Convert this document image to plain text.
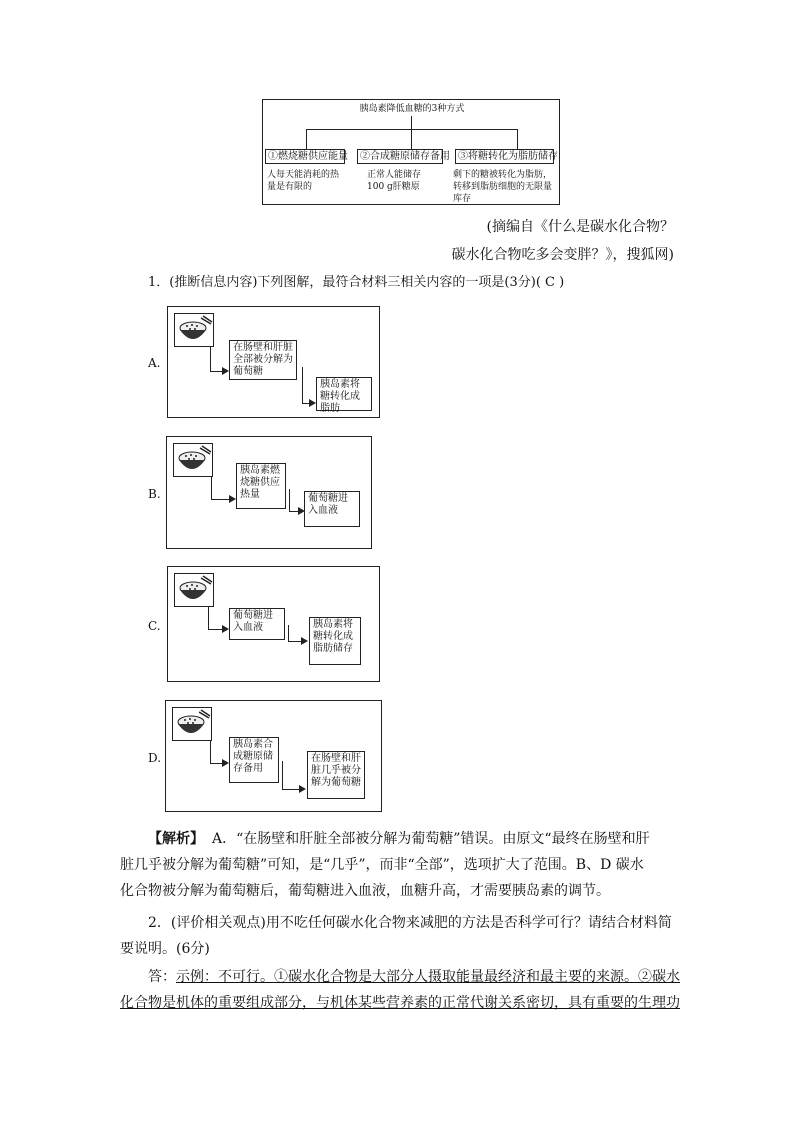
胰岛素降低血糖的3种方式
①燃烧糖供应能量	②合成糖原储存备用 ③将糖转化为脂肪储存
人每天能消耗的热量是有限的
正常人能储存100 g肝糖原
剩下的糖被转化为脂肪，转移到脂肪细胞的无限量库存
(摘编自《什么是碳水化合物？
碳水化合物吃多会变胖？》，搜狐网)
1．(推断信息内容)下列图解，最符合材料三相关内容的一项是(3分)( C )
A.
在肠壁和肝脏全部被分解为葡萄糖
胰岛素将糖转化成脂肪
B.
胰岛素燃烧糖供应热量	葡萄糖进入血液
C.
葡萄糖进入血液	胰岛素将糖转化成脂肪储存
D.
胰岛素合成糖原储存备用
在肠壁和肝脏几乎被分解为葡萄糖
【解析】 A．“在肠壁和肝脏全部被分解为葡萄糖”错误。由原文“最终在肠壁和肝
脏几乎被分解为葡萄糖”可知，是“几乎”，而非“全部”，选项扩大了范围。B、D 碳水
化合物被分解为葡萄糖后，葡萄糖进入血液，血糖升高，才需要胰岛素的调节。
2．(评价相关观点)用不吃任何碳水化合物来减肥的方法是否科学可行？请结合材料简
要说明。(6分)
答：示例：不可行。①碳水化合物是大部分人摄取能量最经济和最主要的来源。②碳水
化合物是机体的重要组成部分，与机体某些营养素的正常代谢关系密切，具有重要的生理功
